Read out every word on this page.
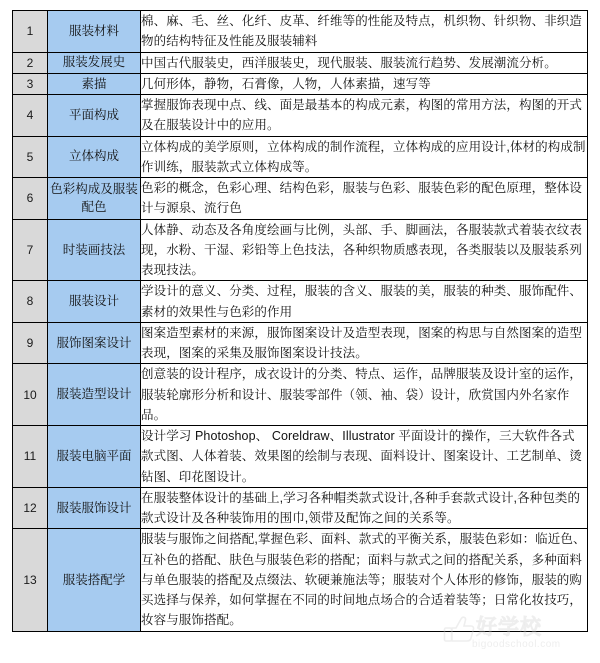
1	服装材料	棉、麻、毛、丝、化纤、皮革、纤维等的性能及特点，机织物、针织物、非织造物的结构特征及性能及服装辅料

2	服装发展史	中国古代服装史，西洋服装史，现代服装、服装流行趋势、发展潮流分析。

3	素描	几何形体，静物，石膏像，人物，人体素描，速写等

4	平面构成	掌握服饰表现中点、线、面是最基本的构成元素，构图的常用方法，构图的开式及在服装设计中的应用。

5	立体构成	立体构成的美学原则，立体构成的制作流程，立体构成的应用设计,体材的构成制作训练，服装款式立体构成等。

6	色彩构成及服装配色	色彩的概念，色彩心理、结构色彩，服装与色彩、服装色彩的配色原理，整体设计与源泉、流行色

7	时装画技法	人体静、动态及各角度绘画与比例，头部、手、脚画法，各服装款式着装衣纹表现，水粉、干湿、彩铅等上色技法，各种织物质感表现，各类服装以及服装系列表现技法。

8	服装设计	学设计的意义、分类、过程，服装的含义、服装的美，服装的种类、服饰配件、素材的效果性与色彩的作用

9	服饰图案设计	图案造型素材的来源，服饰图案设计及造型表现，图案的构思与自然图案的造型表现，图案的采集及服饰图案设计技法。

10	服装造型设计	创意装的设计程序，成衣设计的分类、特点、运作，品牌服装及设计室的运作，服装轮廓形分析和设计、服装零部件（领、袖、袋）设计，欣赏国内外名家作品。

11	服装电脑平面	设计学习 Photoshop、 Coreldraw、Illustrator 平面设计的操作，三大软件各式款式图、人体着装、效果图的绘制与表现、面料设计、图案设计、工艺制单、烫钻图、印花图设计。

12	服装服饰设计	在服装整体设计的基础上,学习各种帽类款式设计,各种手套款式设计,各种包类的款式设计及各种装饰用的围巾,领带及配饰之间的关系等。

13	服装搭配学	服装与服饰之间搭配,掌握色彩、面料、款式的平衡关系，服装色彩如：临近色、互补色的搭配、肤色与服装色彩的搭配；面料与款式之间的搭配关系，多种面料与单色服装的搭配及点缀法、软硬兼施法等；服装对个人体形的修饰，服装的购买选择与保养，如何掌握在不同的时间地点场合的合适着装等；日常化妆技巧，妆容与服饰搭配。	好学校
bigoodschool.com
